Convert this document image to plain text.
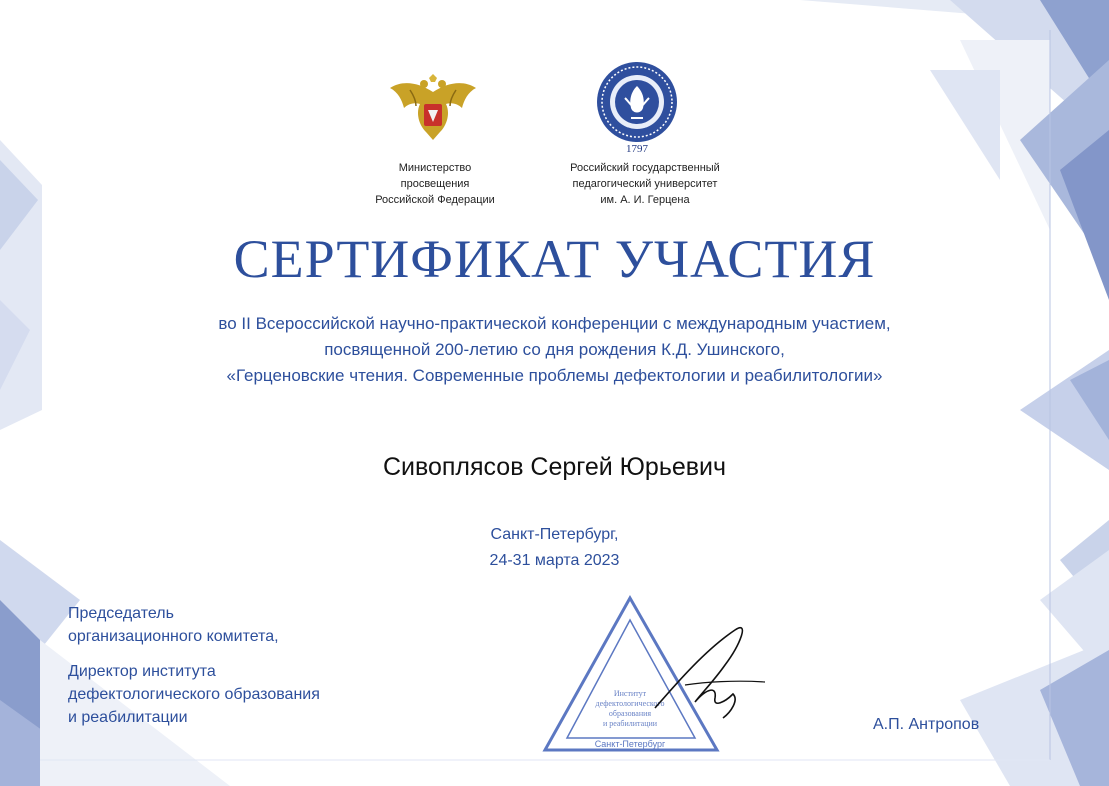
Министерство
просвещения
Российской Федерации
1797
Российский государственный
педагогический университет
им. А. И. Герцена
СЕРТИФИКАТ УЧАСТИЯ
во II Всероссийской научно-практической конференции с международным участием,
посвященной 200-летию со дня рождения К.Д. Ушинского,
«Герценовские чтения. Современные проблемы дефектологии и реабилитологии»
Сивоплясов Сергей Юрьевич
Санкт-Петербург,
24-31 марта 2023
Председатель
организационного комитета,
Директор института
дефектологического образования
и реабилитации
Институт
дефектологического
образования
и реабилитации
Санкт-Петербург
А.П. Антропов
